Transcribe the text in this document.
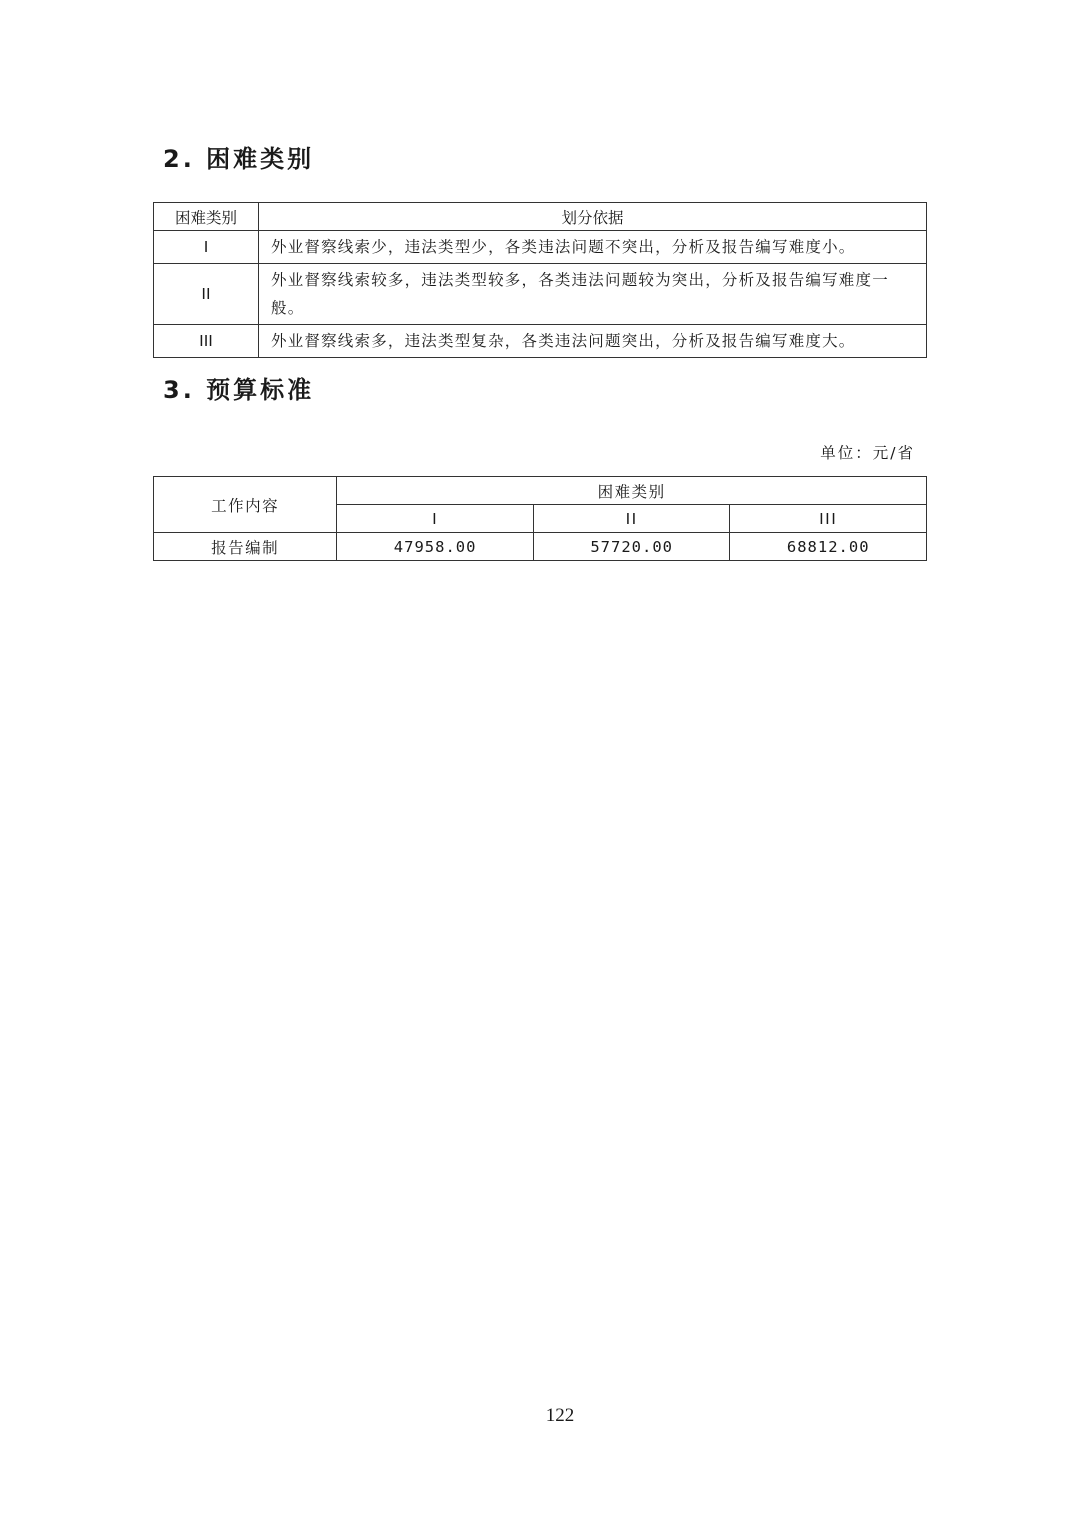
2. 困难类别
困难类别	划分依据
I	外业督察线索少，违法类型少，各类违法问题不突出，分析及报告编写难度小。
II	外业督察线索较多，违法类型较多，各类违法问题较为突出，分析及报告编写难度一般。
III	外业督察线索多，违法类型复杂，各类违法问题突出，分析及报告编写难度大。
3. 预算标准
单位：元/省
工作内容	困难类别		
	I	II	III
报告编制	47958.00	57720.00	68812.00
122
